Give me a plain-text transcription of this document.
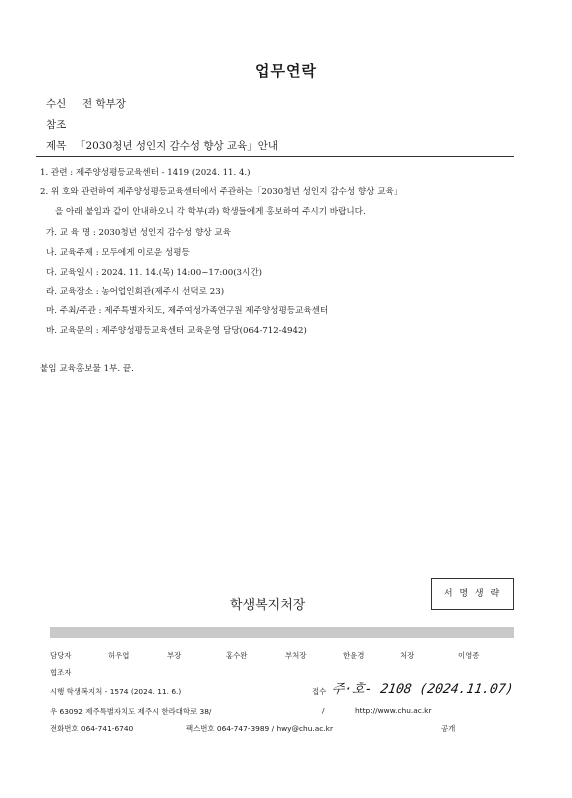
업무연락
수신 전 학부장
참조
제목 「2030청년 성인지 감수성 향상 교육」안내
1. 관련 : 제주양성평등교육센터 - 1419 (2024. 11. 4.)
2. 위 호와 관련하여 제주양성평등교육센터에서 주관하는「2030청년 성인지 감수성 향상 교육」
을 아래 붙임과 같이 안내하오니 각 학부(과) 학생들에게 홍보하여 주시기 바랍니다.
가. 교 육 명 : 2030청년 성인지 감수성 향상 교육
나. 교육주제 : 모두에게 이로운 성평등
다. 교육일시 : 2024. 11. 14.(목) 14:00~17:00(3시간)
라. 교육장소 : 농어업인회관(제주시 선덕로 23)
마. 주최/주관 : 제주특별자치도, 제주여성가족연구원 제주양성평등교육센터
바. 교육문의 : 제주양성평등교육센터 교육운영 담당(064-712-4942)
붙임 교육홍보물 1부. 끝.
학생복지처장
서 명 생 략
담당자	허우엽	부장	홍수완	부처장	한윤경	처장	이영종
협조자
시행 학생복지처 - 1574 (2024. 11. 6.)	접수 주·호- 2108 (2024.11.07)
우 63092 제주특별자치도 제주시 한라대학로 38/	/	http://www.chu.ac.kr
전화번호 064-741-6740	팩스번호 064-747-3989 / hwy@chu.ac.kr	공개
